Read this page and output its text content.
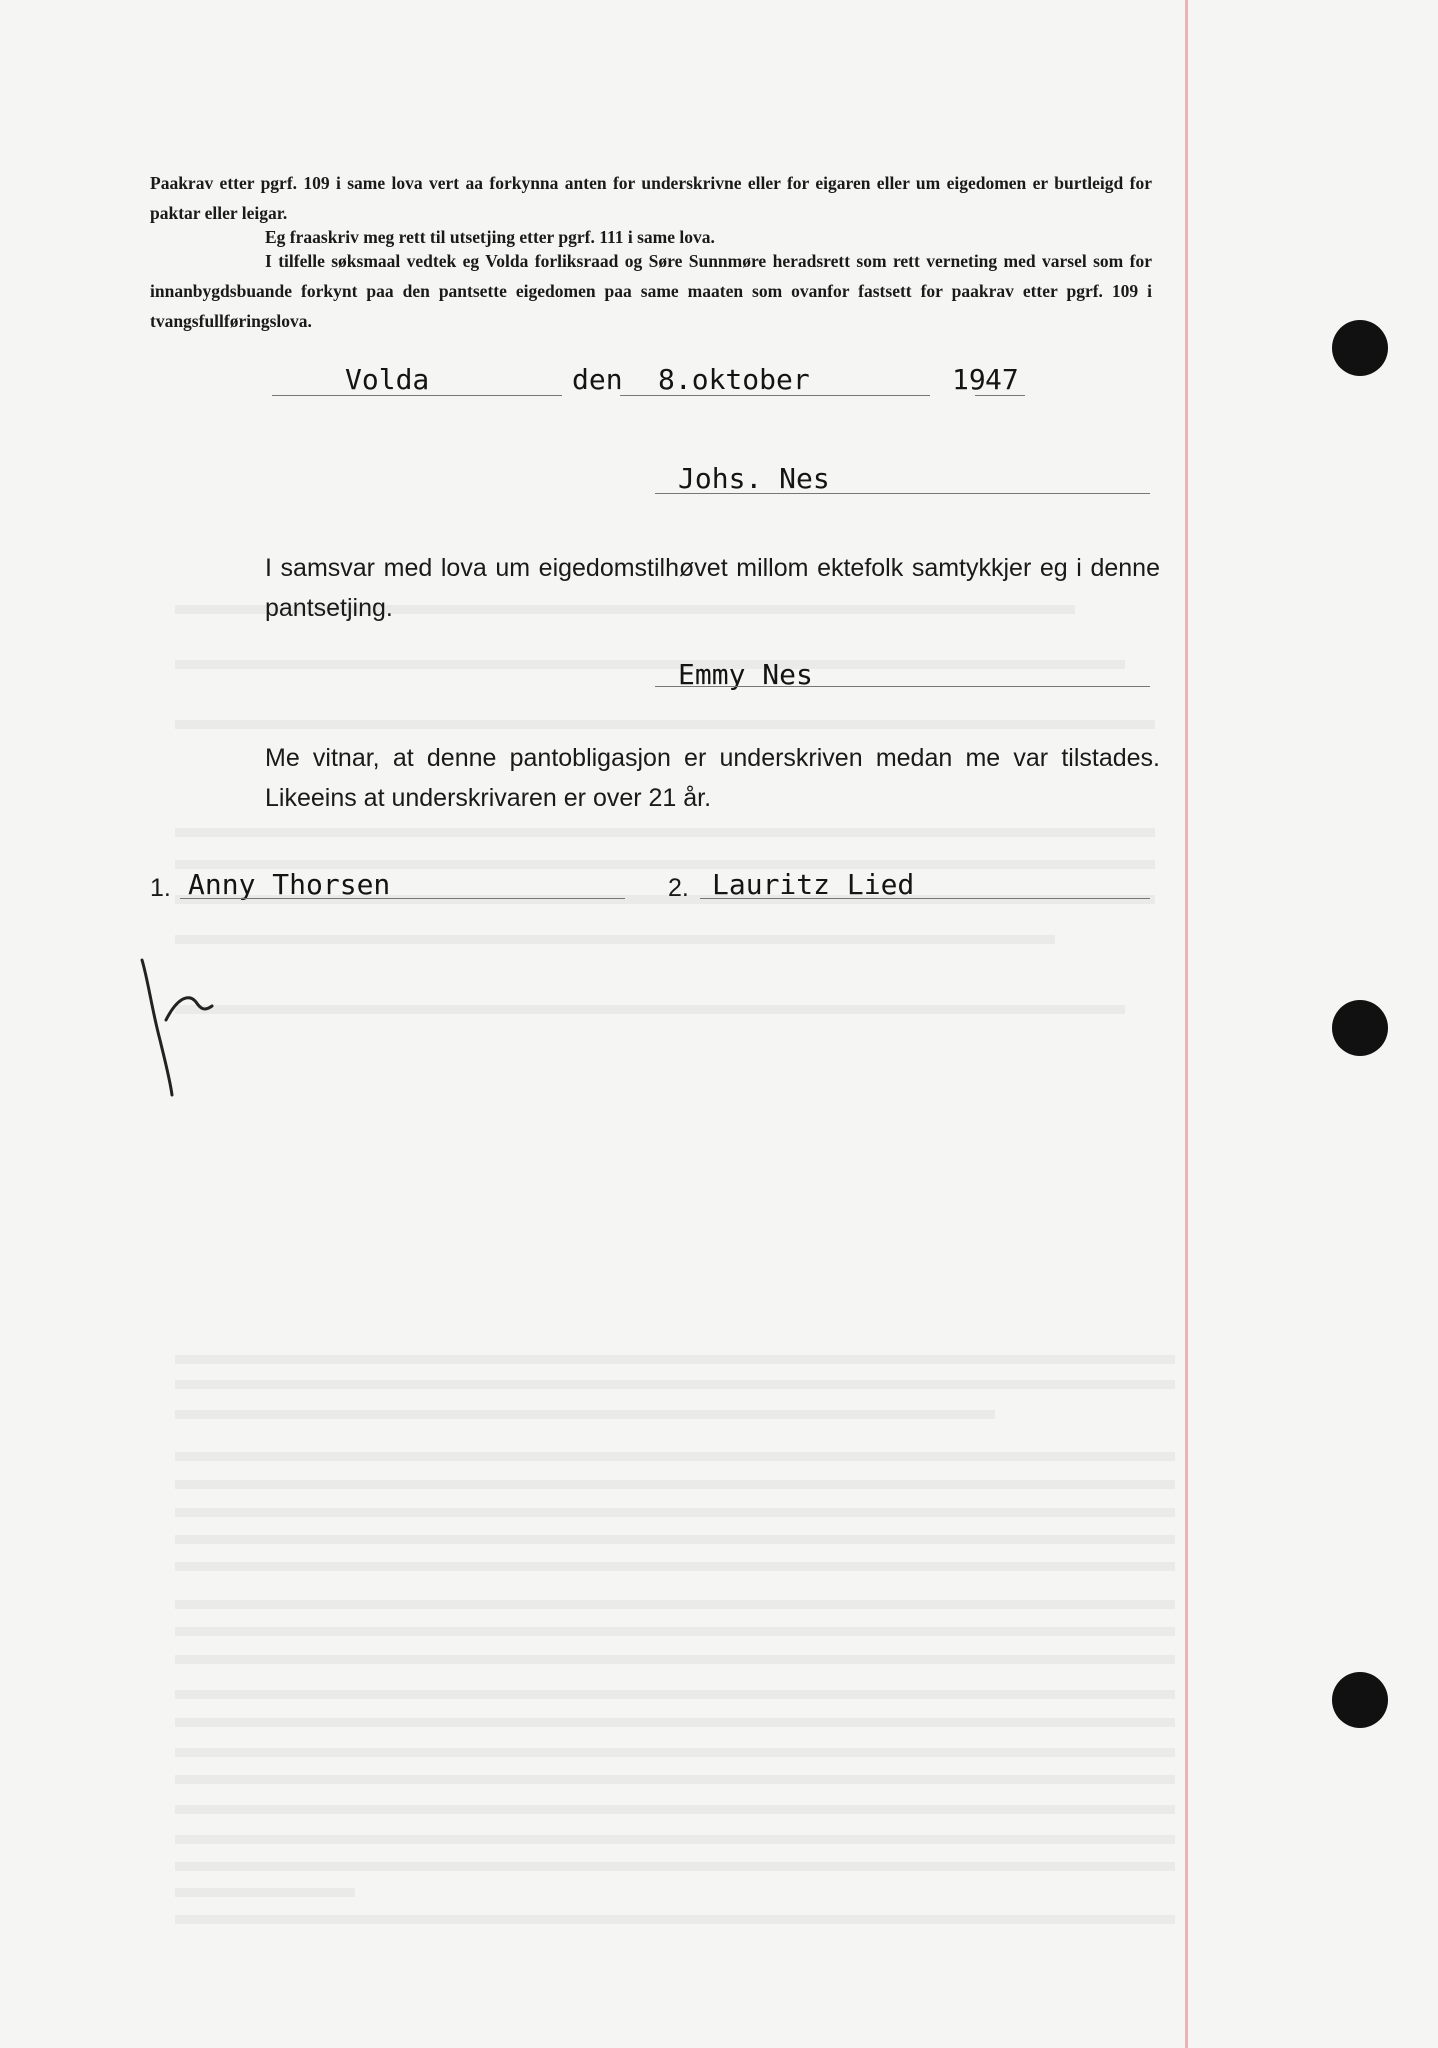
Paakrav etter pgrf. 109 i same lova vert aa forkynna anten for underskrivne eller for eigaren eller um eigedomen er burtleigd for paktar eller leigar.

Eg fraaskriv meg rett til utsetjing etter pgrf. 111 i same lova.

I tilfelle søksmaal vedtek eg Volda forliksraad og Søre Sunnmøre heradsrett som rett verneting med varsel som for innanbygdsbuande forkynt paa den pantsette eigedomen paa same maaten som ovanfor fastsett for paakrav etter pgrf. 109 i tvangsfullføringslova.

Volda	den 8.oktober	19 47
Johs. Nes

I samsvar med lova um eigedomstilhøvet millom ektefolk samtykkjer eg i denne pantsetjing.

Emmy Nes

Me vitnar, at denne pantobligasjon er underskriven medan me var tilstades. Likeeins at underskrivaren er over 21 år.

1. Anny Thorsen	2. Lauritz Lied
